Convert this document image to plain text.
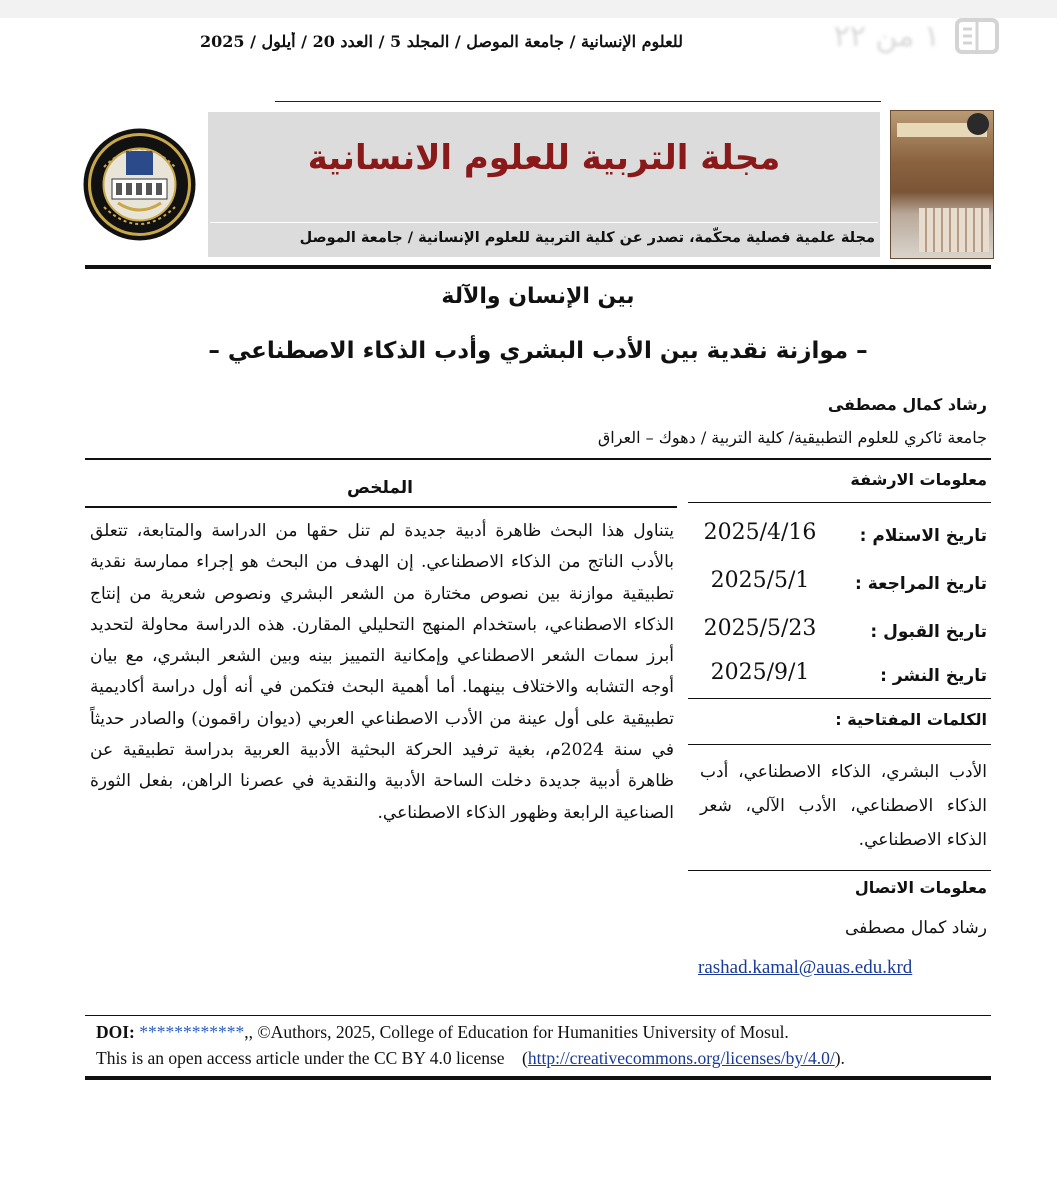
١ من ٢٢
للعلوم الإنسانية / جامعة الموصل / المجلد 5 / العدد 20 / أيلول / 2025
مجلة التربية للعلوم الانسانية
مجلة علمية فصلية محكّمة، تصدر عن كلية التربية للعلوم الإنسانية / جامعة الموصل
بين الإنسان والآلة
– موازنة نقدية بين الأدب البشري وأدب الذكاء الاصطناعي –
رشاد كمال مصطفى
جامعة ئاكري للعلوم التطبيقية/ كلية التربية / دهوك – العراق
الملخص

يتناول هذا البحث ظاهرة أدبية جديدة لم تنل حقها من الدراسة والمتابعة، تتعلق بالأدب الناتج من الذكاء الاصطناعي. إن الهدف من البحث هو إجراء ممارسة نقدية تطبيقية موازنة بين نصوص مختارة من الشعر البشري ونصوص شعرية من إنتاج الذكاء الاصطناعي، باستخدام المنهج التحليلي المقارن. هذه الدراسة محاولة لتحديد أبرز سمات الشعر الاصطناعي وإمكانية التمييز بينه وبين الشعر البشري، مع بيان أوجه التشابه والاختلاف بينهما. أما أهمية البحث فتكمن في أنه أول دراسة أكاديمية تطبيقية على أول عينة من الأدب الاصطناعي العربي (ديوان راقمون) والصادر حديثاً في سنة 2024م، بغية ترفيد الحركة البحثية الأدبية العربية بدراسة تطبيقية عن ظاهرة أدبية جديدة دخلت الساحة الأدبية والنقدية في عصرنا الراهن، بفعل الثورة الصناعية الرابعة وظهور الذكاء الاصطناعي.

معلومات الارشفة
تاريخ الاستلام :
2025/4/16
تاريخ المراجعة :
2025/5/1
تاريخ القبول :
2025/5/23
تاريخ النشر :
2025/9/1
الكلمات المفتاحية :
الأدب البشري، الذكاء الاصطناعي، أدب الذكاء الاصطناعي، الأدب الآلي، شعر الذكاء الاصطناعي.
معلومات الاتصال
رشاد كمال مصطفى
rashad.kamal@auas.edu.krd
DOI: ************,, ©Authors, 2025, College of Education for Humanities University of Mosul.
This is an open access article under the CC BY 4.0 license    (http://creativecommons.org/licenses/by/4.0/).
